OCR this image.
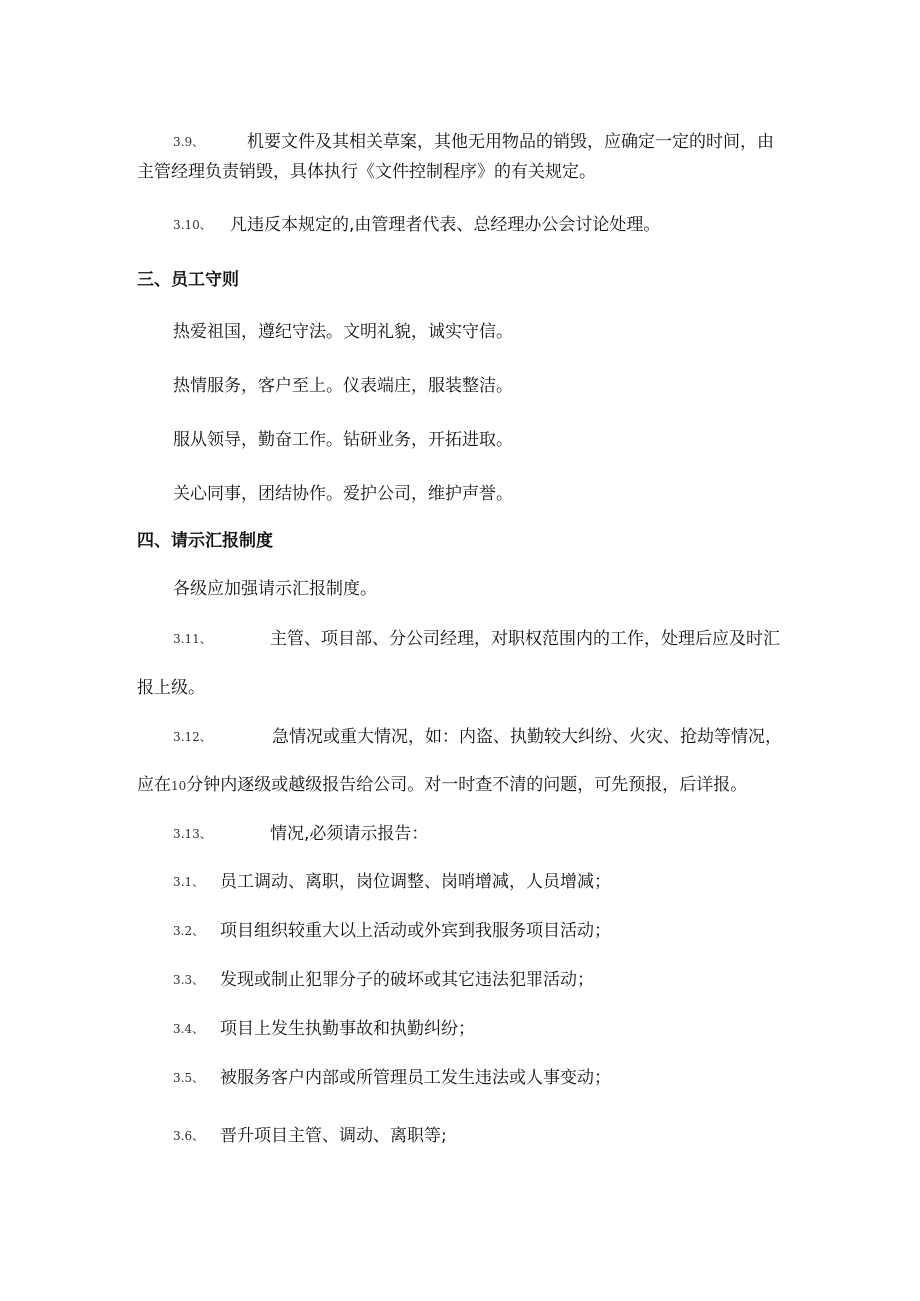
3.9、	机要文件及其相关草案，其他无用物品的销毁，应确定一定的时间，由
主管经理负责销毁，具体执行《文件控制程序》的有关规定。
3.10、 凡违反本规定的,由管理者代表、总经理办公会讨论处理。
三、员工守则
热爱祖国，遵纪守法。文明礼貌，诚实守信。
热情服务，客户至上。仪表端庄，服装整洁。
服从领导，勤奋工作。钻研业务，开拓进取。
关心同事，团结协作。爱护公司，维护声誉。
四、请示汇报制度
各级应加强请示汇报制度。
3.11、	主管、项目部、分公司经理，对职权范围内的工作，处理后应及时汇
报上级。
3.12、	急情况或重大情况，如：内盗、执勤较大纠纷、火灾、抢劫等情况，
应在10分钟内逐级或越级报告给公司。对一时查不清的问题，可先预报，后详报。
3.13、	情况,必须请示报告：
3.1、 员工调动、离职，岗位调整、岗哨增减，人员增减；
3.2、 项目组织较重大以上活动或外宾到我服务项目活动；
3.3、 发现或制止犯罪分子的破坏或其它违法犯罪活动；
3.4、 项目上发生执勤事故和执勤纠纷；
3.5、 被服务客户内部或所管理员工发生违法或人事变动；
3.6、 晋升项目主管、调动、离职等;
